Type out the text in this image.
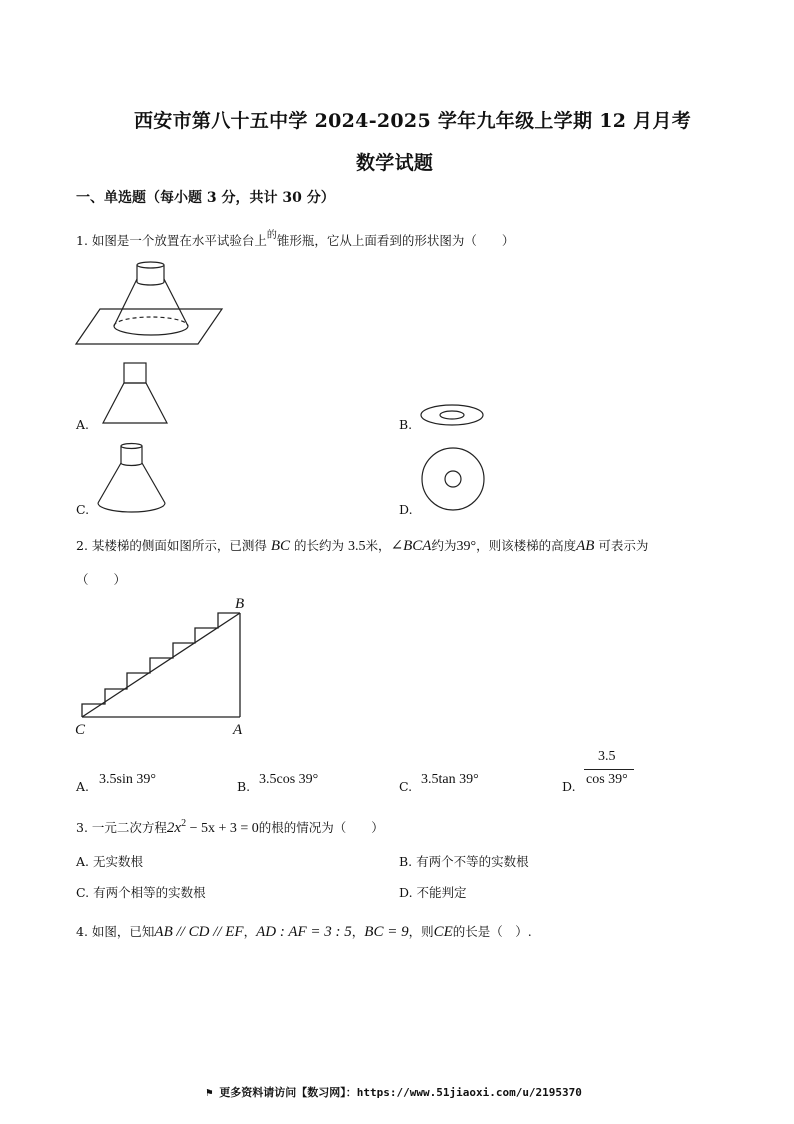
西安市第八十五中学 2024-2025 学年九年级上学期 12 月月考
数学试题
一、单选题（每小题 3 分，共计 30 分）
1. 如图是一个放置在水平试验台上$^的$锥形瓶，它从上面看到的形状图为（　　）
A.	B.
C.	D.
2. 某楼梯的侧面如图所示，已测得 BC 的长约为 3.5米，∠BCA约为39°，则该楼梯的高度AB 可表示为
（　　）
B
C	A
A. 3.5sin 39°	B. 3.5cos 39°	C. 3.5tan 39°	D.
3.5
cos 39°
3. 一元二次方程$2x^2 - 5x + 3 = 0$的根的情况为（　　）
A. 无实数根	B. 有两个不等的实数根
C. 有两个相等的实数根	D. 不能判定
4. 如图，已知AB // CD // EF，AD : AF = 3 : 5，BC = 9，则CE的长是（　）.
⚑ 更多资料请访问【数习网】：https://www.51jiaoxi.com/u/2195370
